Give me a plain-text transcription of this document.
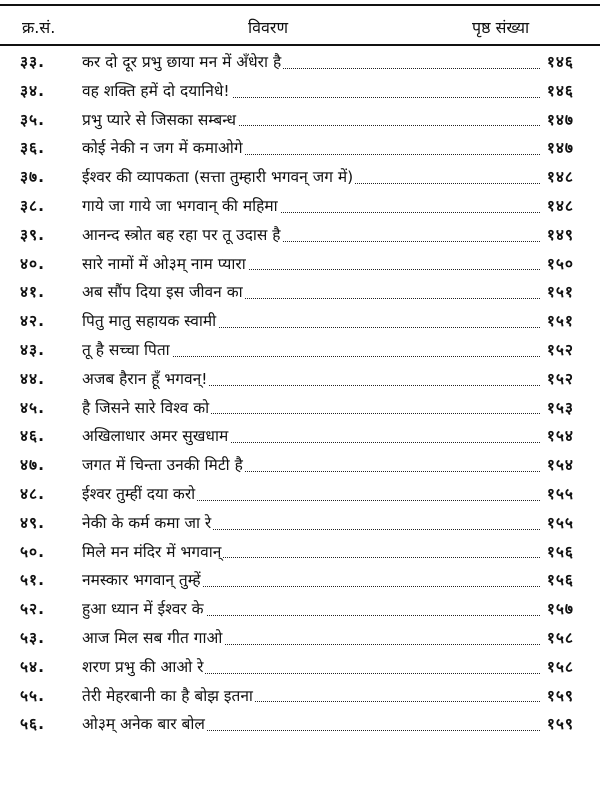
क्र.सं.	विवरण	पृष्ठ संख्या
३३.	कर दो दूर प्रभु छाया मन में अँधेरा है	१४६
३४.	वह शक्ति हमें दो दयानिधे!	१४६
३५.	प्रभु प्यारे से जिसका सम्बन्ध	१४७
३६.	कोई नेकी न जग में कमाओगे	१४७
३७.	ईश्वर की व्यापकता (सत्ता तुम्हारी भगवन् जग में)	१४८
३८.	गाये जा गाये जा भगवान् की महिमा	१४८
३९.	आनन्द स्त्रोत बह रहा पर तू उदास है	१४९
४०.	सारे नामों में ओ३म् नाम प्यारा	१५०
४१.	अब सौंप दिया इस जीवन का	१५१
४२.	पितु मातु सहायक स्वामी	१५१
४३.	तू है सच्चा पिता	१५२
४४.	अजब हैरान हूँ भगवन्!	१५२
४५.	है जिसने सारे विश्व को	१५३
४६.	अखिलाधार अमर सुखधाम	१५४
४७.	जगत में चिन्ता उनकी मिटी है	१५४
४८.	ईश्वर तुम्हीं दया करो	१५५
४९.	नेकी के कर्म कमा जा रे	१५५
५०.	मिले मन मंदिर में भगवान्	१५६
५१.	नमस्कार भगवान् तुम्हें	१५६
५२.	हुआ ध्यान में ईश्वर के	१५७
५३.	आज मिल सब गीत गाओ	१५८
५४.	शरण प्रभु की आओ रे	१५८
५५.	तेरी मेहरबानी का है बोझ इतना	१५९
५६.	ओ३म् अनेक बार बोल	१५९
